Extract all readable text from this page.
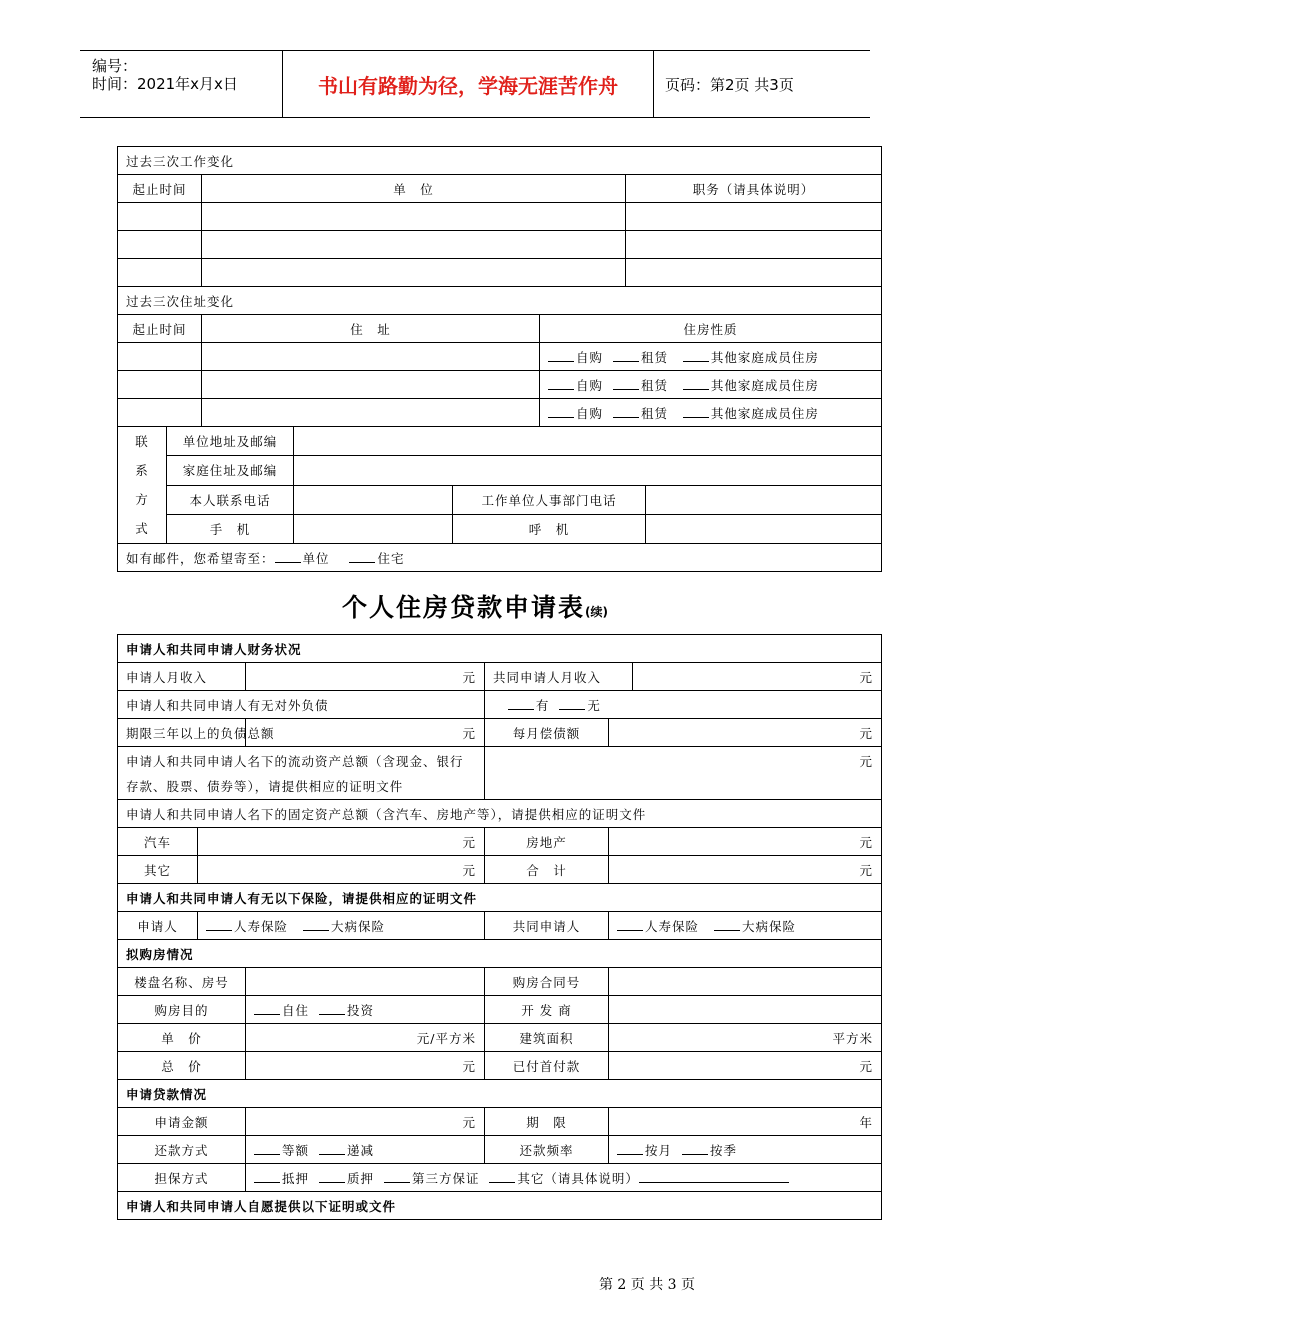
编号：
时间：2021年x月x日	书山有路勤为径，学海无涯苦作舟	页码：第2页 共3页
过去三次工作变化							
起止时间		单　位				职务（请具体说明）	

过去三次住址变化							
起止时间		住　址			住房性质		
					自购 租赁 其他家庭成员住房		
					自购 租赁 其他家庭成员住房		
					自购 租赁 其他家庭成员住房		
联系方式	单位地址及邮编						
	家庭住址及邮编						
	本人联系电话			工作单位人事部门电话			
	手　机			呼　机			
如有邮件，您希望寄至： 单位 住宅							
个人住房贷款申请表(续)
申请人和共同申请人财务状况					
申请人月收入		元	共同申请人月收入		元
申请人和共同申请人有无对外负债			有 无		
期限三年以上的负债总额		元	每月偿债额	元	
申请人和共同申请人名下的流动资产总额（含现金、银行存款、股票、债券等），请提供相应的证明文件			元		
申请人和共同申请人名下的固定资产总额（含汽车、房地产等），请提供相应的证明文件					
汽车	元		房地产	元	
其它	元		合　计	元	
申请人和共同申请人有无以下保险，请提供相应的证明文件					
申请人	人寿保险 大病保险		共同申请人	人寿保险 大病保险	
拟购房情况					
楼盘名称、房号			购房合同号		
购房目的		自住 投资	开 发 商		
单　价		元/平方米	建筑面积	平方米	
总　价		元	已付首付款	元	
申请贷款情况					
申请金额		元	期　限	年	
还款方式		等额 递减	还款频率	按月 按季	
担保方式		抵押 质押 第三方保证 其它（请具体说明）			
申请人和共同申请人自愿提供以下证明或文件					
第 2 页 共 3 页
